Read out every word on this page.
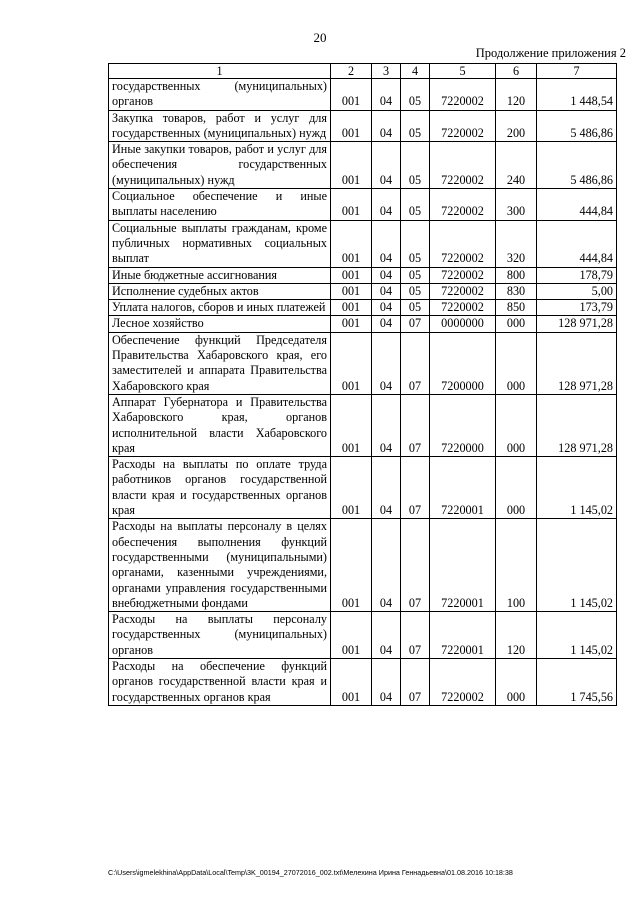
20
Продолжение приложения 2
1	2	3	4	5	6	7
государственных (муниципальных) органов	001	04	05	7220002	120	1 448,54
Закупка товаров, работ и услуг для государственных (муниципальных) нужд	001	04	05	7220002	200	5 486,86
Иные закупки товаров, работ и услуг для обеспечения государственных (муниципальных) нужд	001	04	05	7220002	240	5 486,86
Социальное обеспечение и иные выплаты населению	001	04	05	7220002	300	444,84
Социальные выплаты гражданам, кроме публичных нормативных социальных выплат	001	04	05	7220002	320	444,84
Иные бюджетные ассигнования	001	04	05	7220002	800	178,79
Исполнение судебных актов	001	04	05	7220002	830	5,00
Уплата налогов, сборов и иных платежей	001	04	05	7220002	850	173,79
Лесное хозяйство	001	04	07	0000000	000	128 971,28
Обеспечение функций Председателя Правительства Хабаровского края, его заместителей и аппарата Правительства Хабаровского края	001	04	07	7200000	000	128 971,28
Аппарат Губернатора и Правительства Хабаровского края, органов исполнительной власти Хабаровского края	001	04	07	7220000	000	128 971,28
Расходы на выплаты по оплате труда работников органов государственной власти края и государственных органов края	001	04	07	7220001	000	1 145,02
Расходы на выплаты персоналу в целях обеспечения выполнения функций государственными (муниципальными) органами, казенными учреждениями, органами управления государственными внебюджетными фондами	001	04	07	7220001	100	1 145,02
Расходы на выплаты персоналу государственных (муниципальных) органов	001	04	07	7220001	120	1 145,02
Расходы на обеспечение функций органов государственной власти края и государственных органов края	001	04	07	7220002	000	1 745,56
C:\Users\igmelekhina\AppData\Local\Temp\3K_00194_27072016_002.txt\Мелехина Ирина Геннадьевна\01.08.2016 10:18:38
